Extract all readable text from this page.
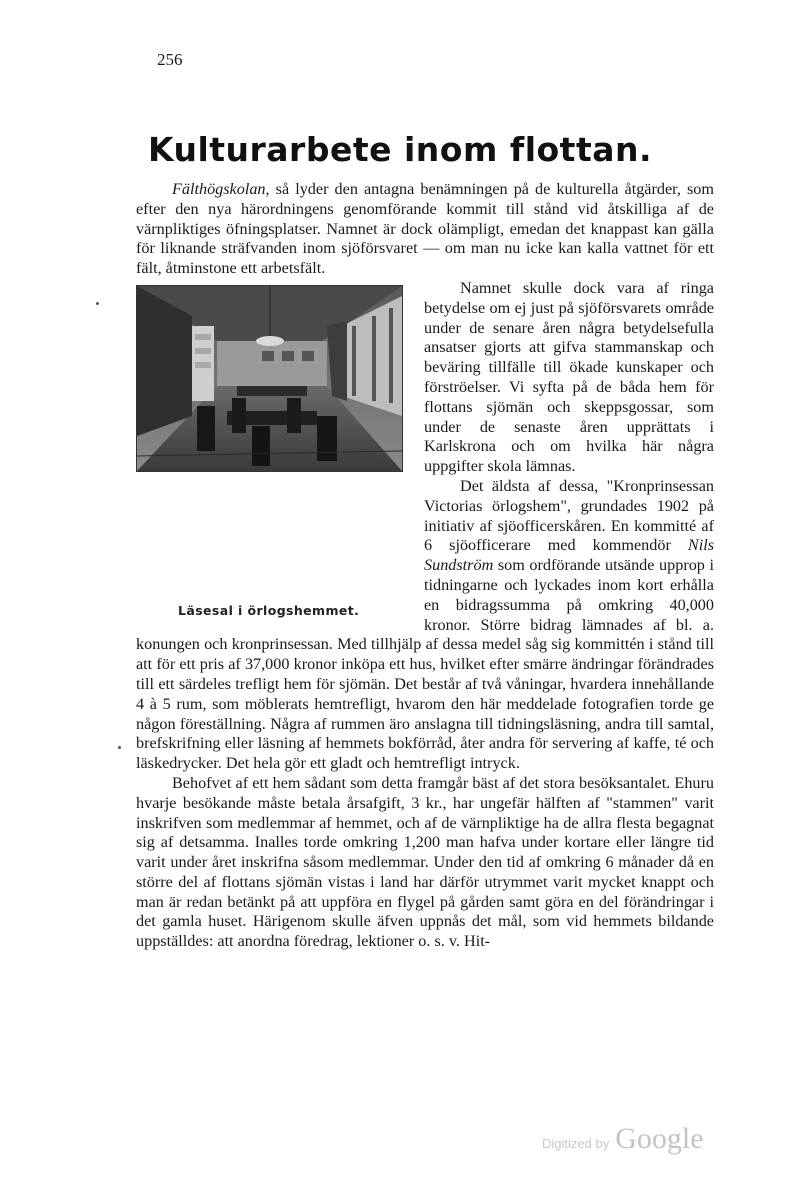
256
Kulturarbete inom flottan.

Fälthögskolan, så lyder den antagna benämningen på de kulturella åtgärder, som efter den nya härordningens genomförande kommit till stånd vid åtskilliga af de värnpliktiges öfningsplatser. Namnet är dock olämpligt, emedan det knappast kan gälla för liknande sträfvanden inom sjöförsvaret — om man nu icke kan kalla vattnet för ett fält, åtminstone ett arbetsfält.

Läsesal i örlogshemmet.

Namnet skulle dock vara af ringa betydelse om ej just på sjöförsvarets område under de senare åren några betydelsefulla ansatser gjorts att gifva stammanskap och beväring tillfälle till ökade kunskaper och förströelser. Vi syfta på de båda hem för flottans sjömän och skeppsgossar, som under de senaste åren upprättats i Karlskrona och om hvilka här några uppgifter skola lämnas.

Det äldsta af dessa, "Kronprinsessan Victorias örlogshem", grundades 1902 på initiativ af sjöofficerskåren. En kommitté af 6 sjöofficerare med kommendör Nils Sundström som ordförande utsände upprop i tidningarne och lyckades inom kort erhålla en bidragssumma på omkring 40,000 kronor. Större bidrag lämnades af bl. a. konungen och kronprinsessan. Med tillhjälp af dessa medel såg sig kommittén i stånd till att för ett pris af 37,000 kronor inköpa ett hus, hvilket efter smärre ändringar förändrades till ett särdeles trefligt hem för sjömän. Det består af två våningar, hvardera innehållande 4 à 5 rum, som möblerats hemtrefligt, hvarom den här meddelade fotografien torde ge någon föreställning. Några af rummen äro anslagna till tidningsläsning, andra till samtal, brefskrifning eller läsning af hemmets bokförråd, åter andra för servering af kaffe, té och läskedrycker. Det hela gör ett gladt och hemtrefligt intryck.

Behofvet af ett hem sådant som detta framgår bäst af det stora besöksantalet. Ehuru hvarje besökande måste betala årsafgift, 3 kr., har ungefär hälften af "stammen" varit inskrifven som medlemmar af hemmet, och af de värnpliktige ha de allra flesta begagnat sig af detsamma. Inalles torde omkring 1,200 man hafva under kortare eller längre tid varit under året inskrifna såsom medlemmar. Under den tid af omkring 6 månader då en större del af flottans sjömän vistas i land har därför utrymmet varit mycket knappt och man är redan betänkt på att uppföra en flygel på gården samt göra en del förändringar i det gamla huset. Härigenom skulle äfven uppnås det mål, som vid hemmets bildande uppställdes: att anordna föredrag, lektioner o. s. v. Hit-

Digitized by Google
